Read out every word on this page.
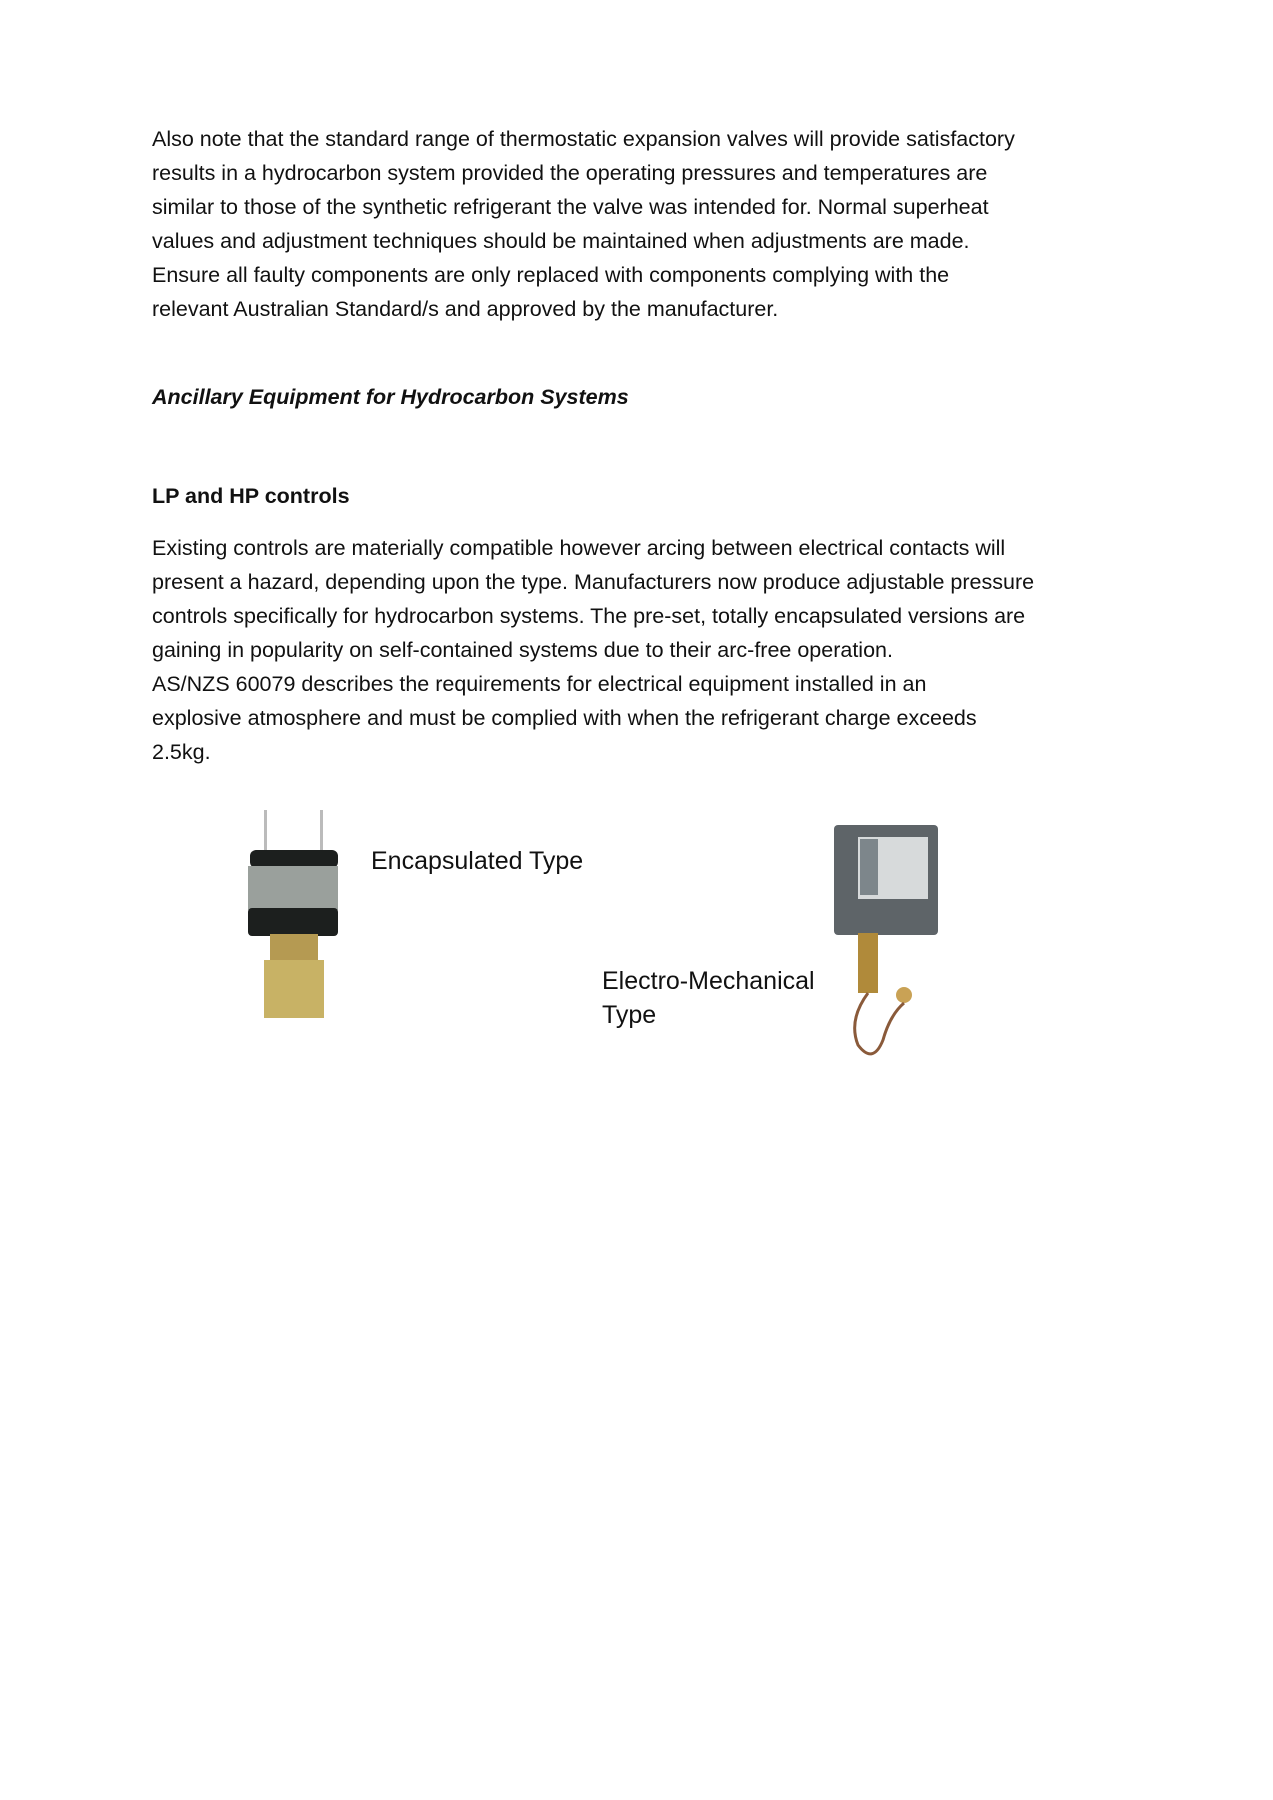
Also note that the standard range of thermostatic expansion valves will provide satisfactory
results in a hydrocarbon system provided the operating pressures and temperatures are
similar to those of the synthetic refrigerant the valve was intended for. Normal superheat
values and adjustment techniques should be maintained when adjustments are made.
Ensure all faulty components are only replaced with components complying with the
relevant Australian Standard/s and approved by the manufacturer.
Ancillary Equipment for Hydrocarbon Systems
LP and HP controls
Existing controls are materially compatible however arcing between electrical contacts will
present a hazard, depending upon the type. Manufacturers now produce adjustable pressure
controls specifically for hydrocarbon systems. The pre-set, totally encapsulated versions are
gaining in popularity on self-contained systems due to their arc-free operation.
AS/NZS 60079 describes the requirements for electrical equipment installed in an
explosive atmosphere and must be complied with when the refrigerant charge exceeds
2.5kg.
Encapsulated Type
Electro-Mechanical
Type
